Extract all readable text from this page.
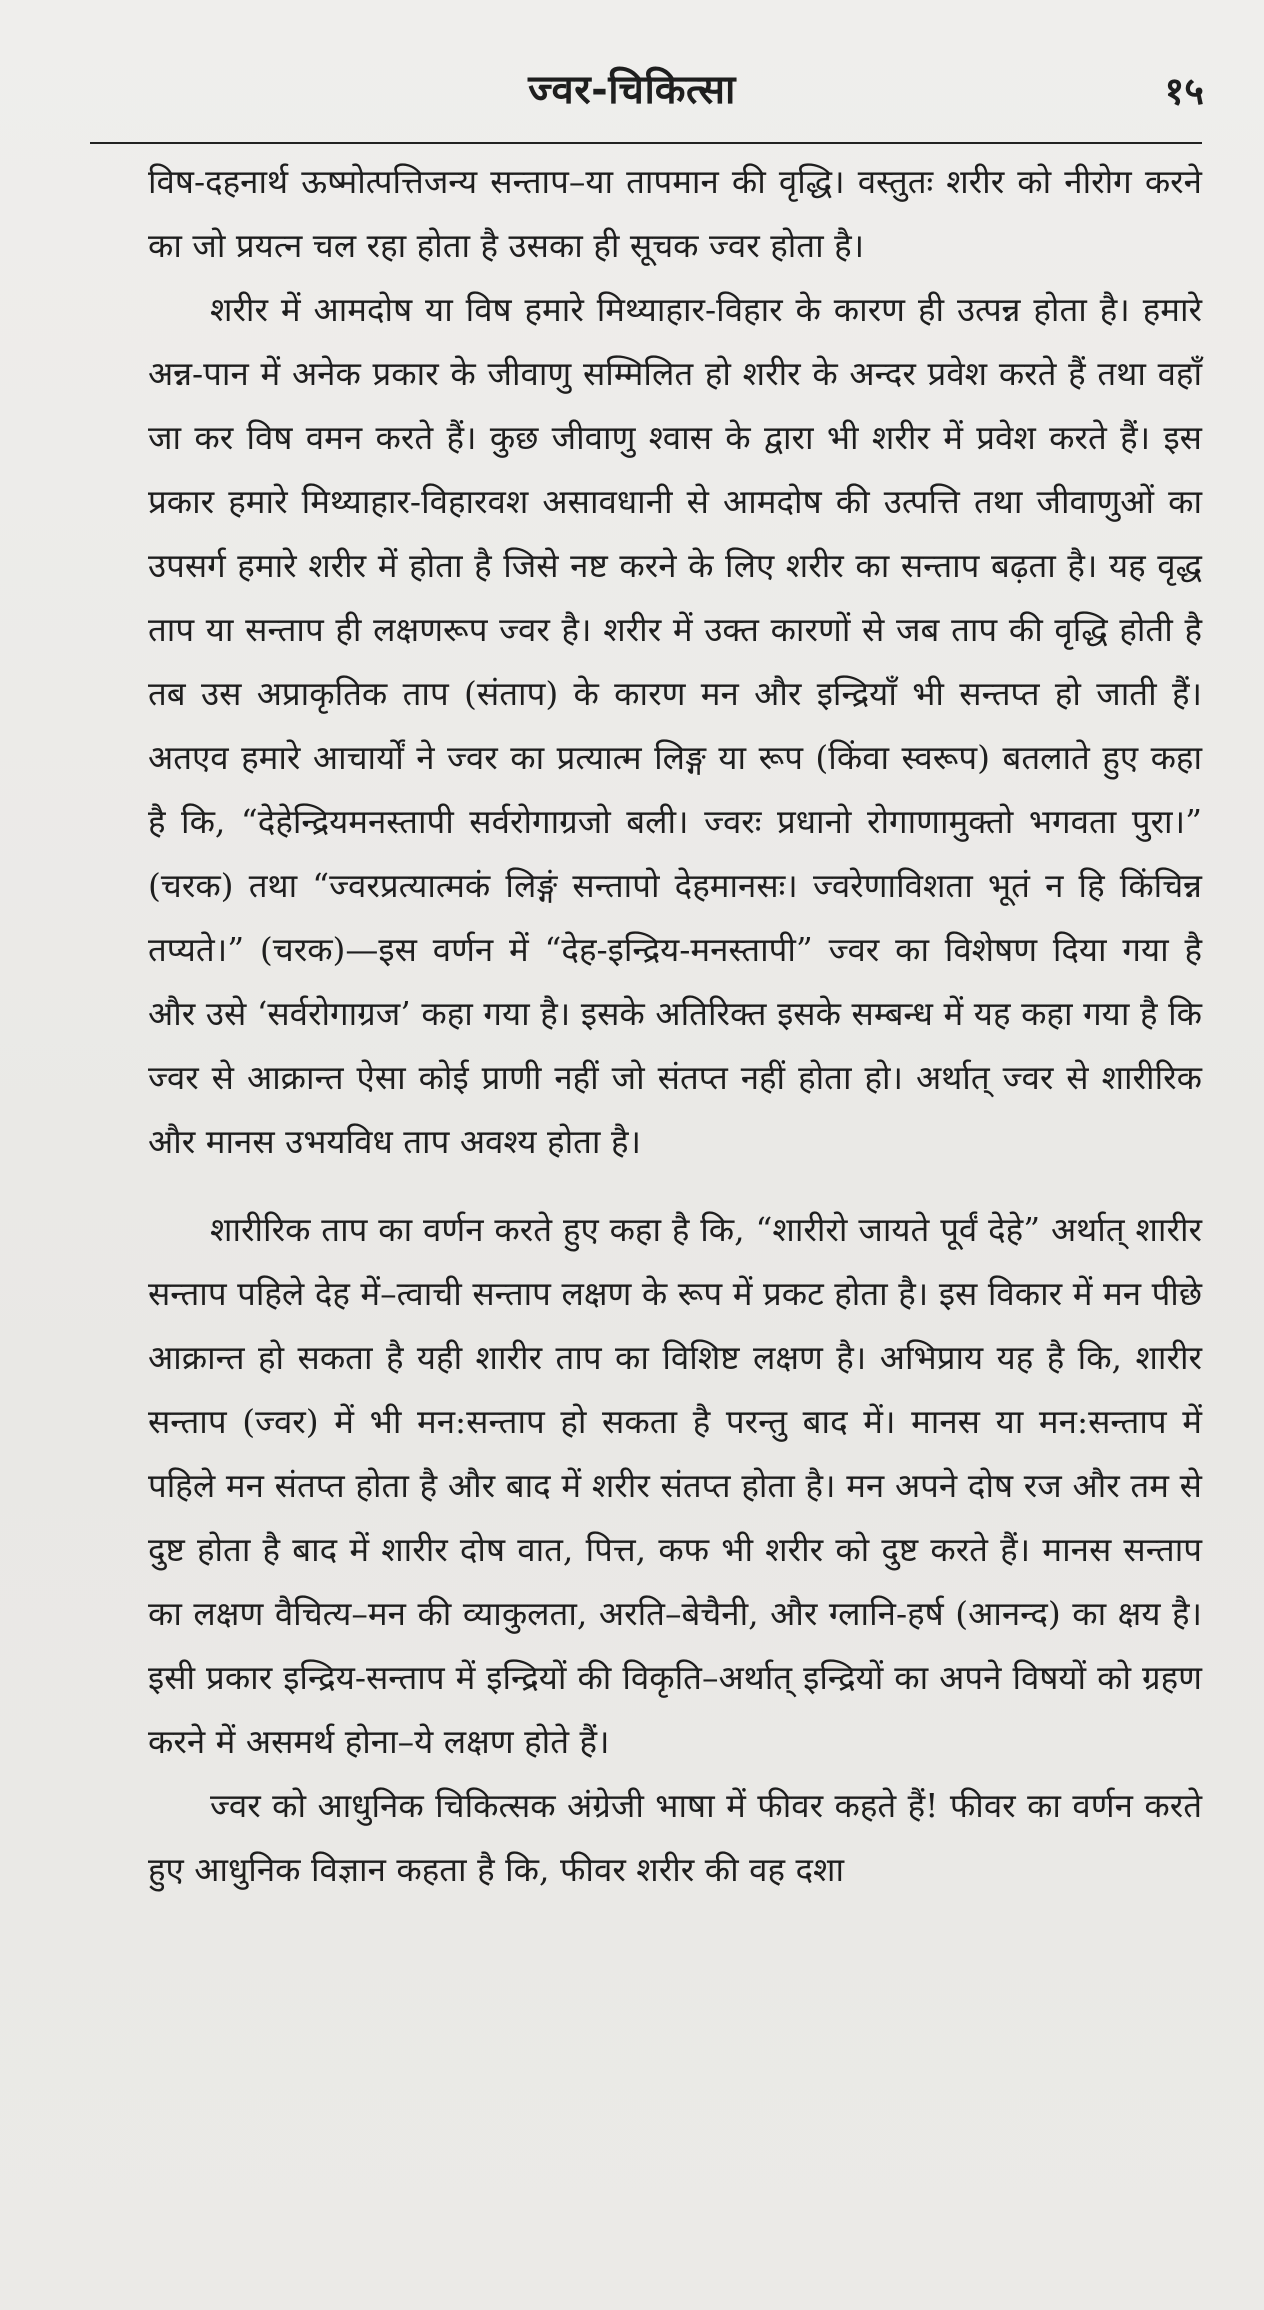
ज्वर-चिकित्सा	१५

विष-दहनार्थ ऊष्मोत्पत्तिजन्य सन्ताप–या तापमान की वृद्धि। वस्तुतः शरीर को नीरोग करने का जो प्रयत्न चल रहा होता है उसका ही सूचक ज्वर होता है।

शरीर में आमदोष या विष हमारे मिथ्याहार-विहार के कारण ही उत्पन्न होता है। हमारे अन्न-पान में अनेक प्रकार के जीवाणु सम्मिलित हो शरीर के अन्दर प्रवेश करते हैं तथा वहाँ जा कर विष वमन करते हैं। कुछ जीवाणु श्वास के द्वारा भी शरीर में प्रवेश करते हैं। इस प्रकार हमारे मिथ्याहार-विहारवश असावधानी से आमदोष की उत्पत्ति तथा जीवाणुओं का उपसर्ग हमारे शरीर में होता है जिसे नष्ट करने के लिए शरीर का सन्ताप बढ़ता है। यह वृद्ध ताप या सन्ताप ही लक्षणरूप ज्वर है। शरीर में उक्त कारणों से जब ताप की वृद्धि होती है तब उस अप्राकृतिक ताप (संताप) के कारण मन और इन्द्रियाँ भी सन्तप्त हो जाती हैं। अतएव हमारे आचार्यों ने ज्वर का प्रत्यात्म लिङ्ग या रूप (किंवा स्वरूप) बतलाते हुए कहा है कि, “देहेन्द्रियमनस्तापी सर्वरोगाग्रजो बली। ज्वरः प्रधानो रोगाणामुक्तो भगवता पुरा।” (चरक) तथा “ज्वरप्रत्यात्मकं लिङ्गं सन्तापो देहमानसः। ज्वरेणाविशता भूतं न हि किंचिन्न तप्यते।” (चरक)—इस वर्णन में “देह-इन्द्रिय-मनस्तापी” ज्वर का विशेषण दिया गया है और उसे ‘सर्वरोगाग्रज’ कहा गया है। इसके अतिरिक्त इसके सम्बन्ध में यह कहा गया है कि ज्वर से आक्रान्त ऐसा कोई प्राणी नहीं जो संतप्त नहीं होता हो। अर्थात् ज्वर से शारीरिक और मानस उभयविध ताप अवश्य होता है।

शारीरिक ताप का वर्णन करते हुए कहा है कि, “शारीरो जायते पूर्वं देहे” अर्थात् शारीर सन्ताप पहिले देह में–त्वाची सन्ताप लक्षण के रूप में प्रकट होता है। इस विकार में मन पीछे आक्रान्त हो सकता है यही शारीर ताप का विशिष्ट लक्षण है। अभिप्राय यह है कि, शारीर सन्ताप (ज्वर) में भी मन:सन्ताप हो सकता है परन्तु बाद में। मानस या मन:सन्ताप में पहिले मन संतप्त होता है और बाद में शरीर संतप्त होता है। मन अपने दोष रज और तम से दुष्ट होता है बाद में शारीर दोष वात, पित्त, कफ भी शरीर को दुष्ट करते हैं। मानस सन्ताप का लक्षण वैचित्य–मन की व्याकुलता, अरति–बेचैनी, और ग्लानि-हर्ष (आनन्द) का क्षय है। इसी प्रकार इन्द्रिय-सन्ताप में इन्द्रियों की विकृति–अर्थात् इन्द्रियों का अपने विषयों को ग्रहण करने में असमर्थ होना–ये लक्षण होते हैं।

ज्वर को आधुनिक चिकित्सक अंग्रेजी भाषा में फीवर कहते हैं! फीवर का वर्णन करते हुए आधुनिक विज्ञान कहता है कि, फीवर शरीर की वह दशा
